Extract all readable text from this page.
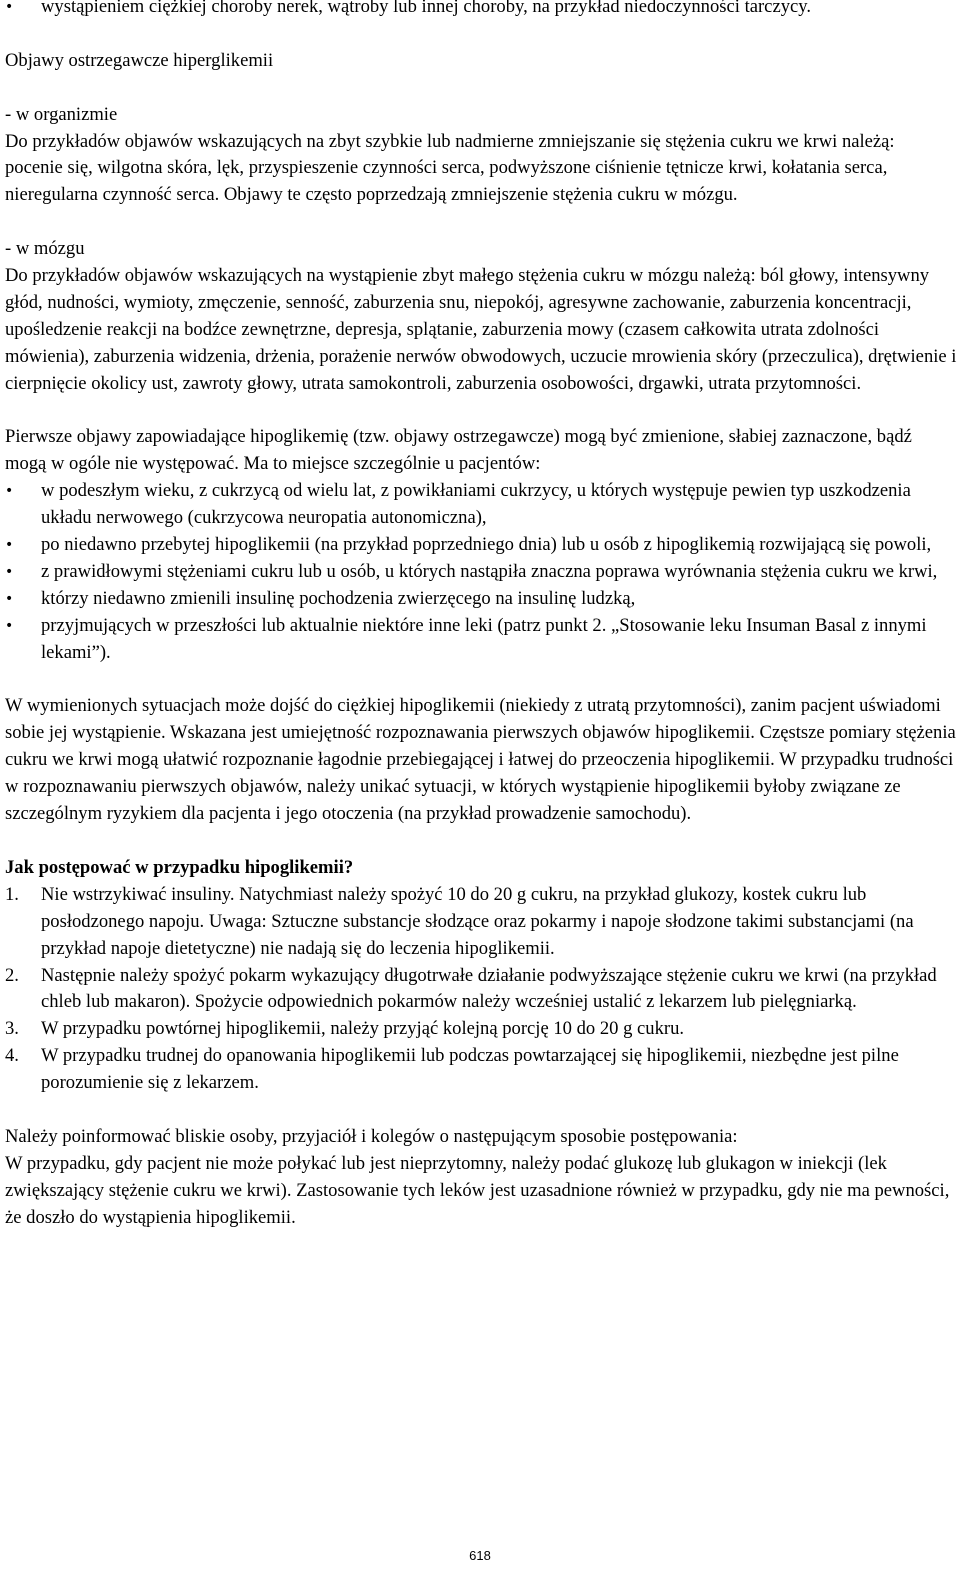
•	wystąpieniem ciężkiej choroby nerek, wątroby lub innej choroby, na przykład niedoczynności tarczycy.

Objawy ostrzegawcze hiperglikemii

- w organizmie

Do przykładów objawów wskazujących na zbyt szybkie lub nadmierne zmniejszanie się stężenia cukru we krwi należą: pocenie się, wilgotna skóra, lęk, przyspieszenie czynności serca, podwyższone ciśnienie tętnicze krwi, kołatania serca, nieregularna czynność serca. Objawy te często poprzedzają zmniejszenie stężenia cukru w mózgu.

- w mózgu

Do przykładów objawów wskazujących na wystąpienie zbyt małego stężenia cukru w mózgu należą: ból głowy, intensywny głód, nudności, wymioty, zmęczenie, senność, zaburzenia snu, niepokój, agresywne zachowanie, zaburzenia koncentracji, upośledzenie reakcji na bodźce zewnętrzne, depresja, splątanie, zaburzenia mowy (czasem całkowita utrata zdolności mówienia), zaburzenia widzenia, drżenia, porażenie nerwów obwodowych, uczucie mrowienia skóry (przeczulica), drętwienie i cierpnięcie okolicy ust, zawroty głowy, utrata samokontroli, zaburzenia osobowości, drgawki, utrata przytomności.

Pierwsze objawy zapowiadające hipoglikemię (tzw. objawy ostrzegawcze) mogą być zmienione, słabiej zaznaczone, bądź mogą w ogóle nie występować. Ma to miejsce szczególnie u pacjentów:

•	w podeszłym wieku, z cukrzycą od wielu lat, z powikłaniami cukrzycy, u których występuje pewien typ uszkodzenia układu nerwowego (cukrzycowa neuropatia autonomiczna),
•	po niedawno przebytej hipoglikemii (na przykład poprzedniego dnia) lub u osób z hipoglikemią rozwijającą się powoli,
•	z prawidłowymi stężeniami cukru lub u osób, u których nastąpiła znaczna poprawa wyrównania stężenia cukru we krwi,
•	którzy niedawno zmienili insulinę pochodzenia zwierzęcego na insulinę ludzką,
•	przyjmujących w przeszłości lub aktualnie niektóre inne leki (patrz punkt 2. „Stosowanie leku Insuman Basal z innymi lekami”).

W wymienionych sytuacjach może dojść do ciężkiej hipoglikemii (niekiedy z utratą przytomności), zanim pacjent uświadomi sobie jej wystąpienie. Wskazana jest umiejętność rozpoznawania pierwszych objawów hipoglikemii. Częstsze pomiary stężenia cukru we krwi mogą ułatwić rozpoznanie łagodnie przebiegającej i łatwej do przeoczenia hipoglikemii. W przypadku trudności w rozpoznawaniu pierwszych objawów, należy unikać sytuacji, w których wystąpienie hipoglikemii byłoby związane ze szczególnym ryzykiem dla pacjenta i jego otoczenia (na przykład prowadzenie samochodu).

Jak postępować w przypadku hipoglikemii?

1.	Nie wstrzykiwać insuliny. Natychmiast należy spożyć 10 do 20 g cukru, na przykład glukozy, kostek cukru lub posłodzonego napoju. Uwaga: Sztuczne substancje słodzące oraz pokarmy i napoje słodzone takimi substancjami (na przykład napoje dietetyczne) nie nadają się do leczenia hipoglikemii.
2.	Następnie należy spożyć pokarm wykazujący długotrwałe działanie podwyższające stężenie cukru we krwi (na przykład chleb lub makaron). Spożycie odpowiednich pokarmów należy wcześniej ustalić z lekarzem lub pielęgniarką.
3.	W przypadku powtórnej hipoglikemii, należy przyjąć kolejną porcję 10 do 20 g cukru.
4.	W przypadku trudnej do opanowania hipoglikemii lub podczas powtarzającej się hipoglikemii, niezbędne jest pilne porozumienie się z lekarzem.

Należy poinformować bliskie osoby, przyjaciół i kolegów o następującym sposobie postępowania:

W przypadku, gdy pacjent nie może połykać lub jest nieprzytomny, należy podać glukozę lub glukagon w iniekcji (lek zwiększający stężenie cukru we krwi). Zastosowanie tych leków jest uzasadnione również w przypadku, gdy nie ma pewności, że doszło do wystąpienia hipoglikemii.

618
